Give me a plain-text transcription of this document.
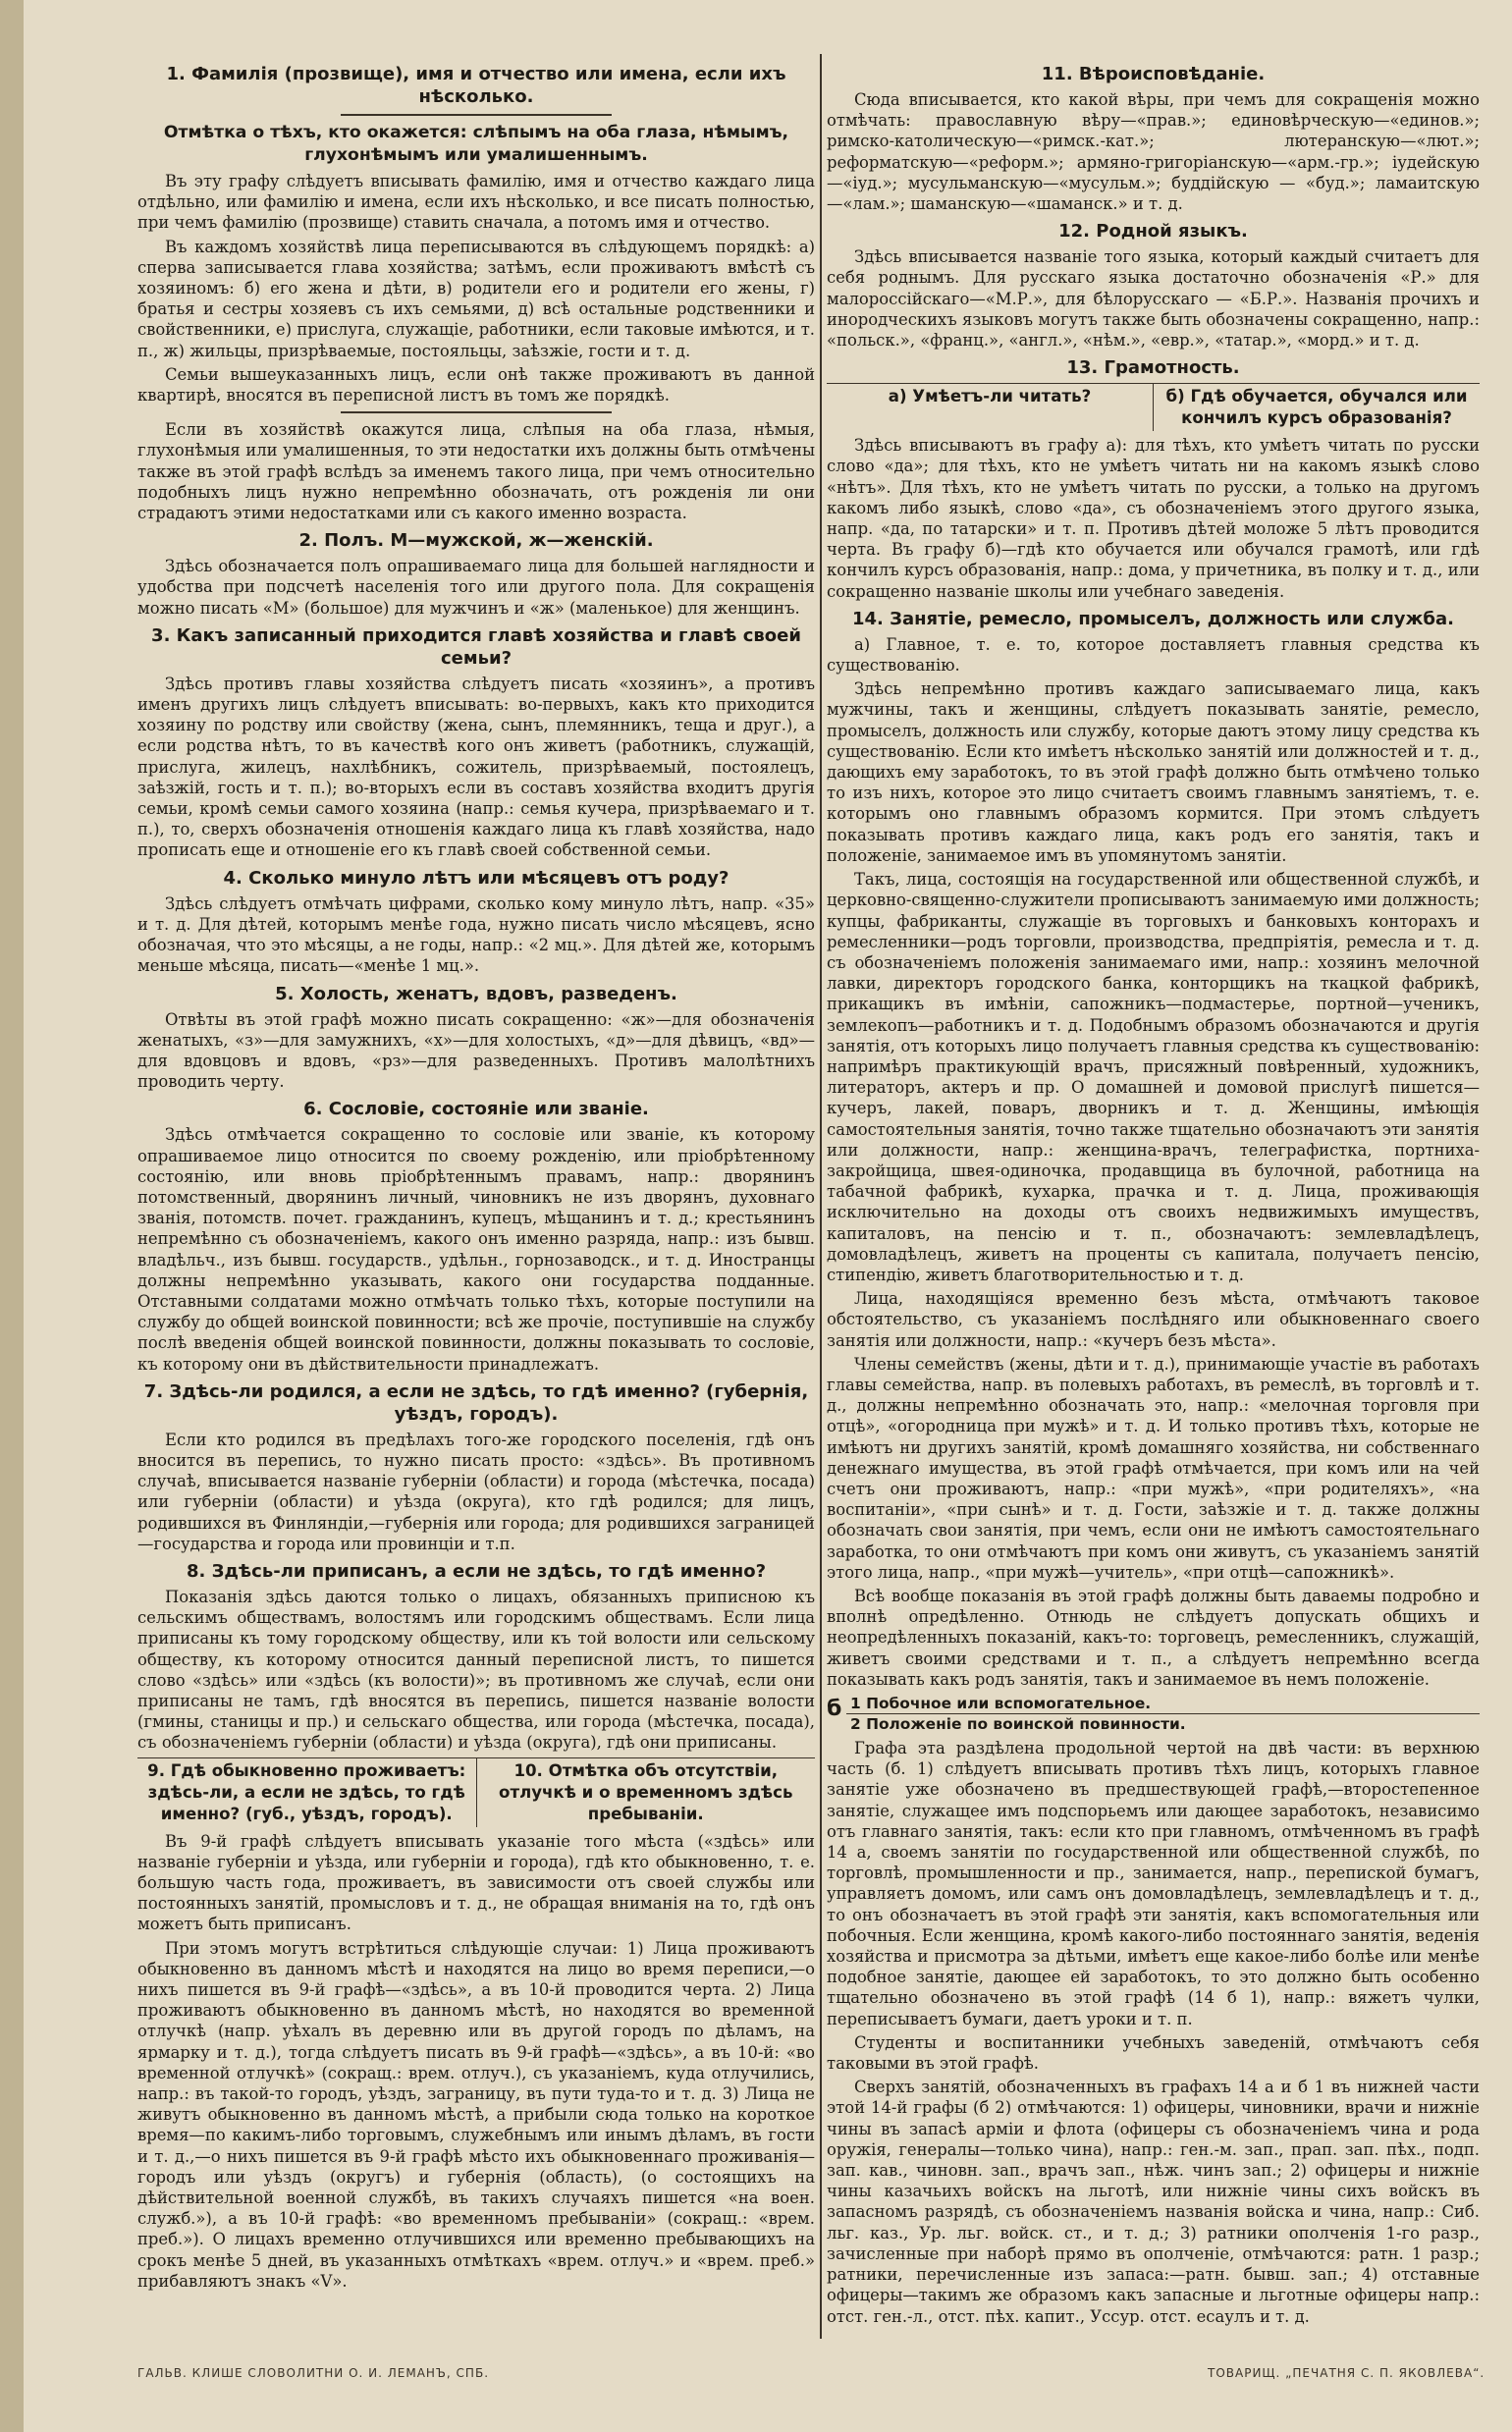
1. Фамилія (прозвище), имя и отчество или имена, если ихъ нѣсколько.
Отмѣтка о тѣхъ, кто окажется: слѣпымъ на оба глаза, нѣмымъ, глухонѣмымъ или умалишеннымъ.

Въ эту графу слѣдуетъ вписывать фамилію, имя и отчество каждаго лица отдѣльно, или фамилію и имена, если ихъ нѣсколько, и все писать полностью, при чемъ фамилію (прозвище) ставить сначала, а потомъ имя и отчество.

Въ каждомъ хозяйствѣ лица переписываются въ слѣдующемъ порядкѣ: а) сперва записывается глава хозяйства; затѣмъ, если проживаютъ вмѣстѣ съ хозяиномъ: б) его жена и дѣти, в) родители его и родители его жены, г) братья и сестры хозяевъ съ ихъ семьями, д) всѣ остальные родственники и свойственники, е) прислуга, служащіе, работники, если таковые имѣются, и т. п., ж) жильцы, призрѣваемые, постояльцы, заѣзжіе, гости и т. д.

Семьи вышеуказанныхъ лицъ, если онѣ также проживаютъ въ данной квартирѣ, вносятся въ переписной листъ въ томъ же порядкѣ.

Если въ хозяйствѣ окажутся лица, слѣпыя на оба глаза, нѣмыя, глухонѣмыя или умалишенныя, то эти недостатки ихъ должны быть отмѣчены также въ этой графѣ вслѣдъ за именемъ такого лица, при чемъ относительно подобныхъ лицъ нужно непремѣнно обозначать, отъ рожденія ли они страдаютъ этими недостатками или съ какого именно возраста.

2. Полъ. М—мужской, ж—женскій.

Здѣсь обозначается полъ опрашиваемаго лица для большей наглядности и удобства при подсчетѣ населенія того или другого пола. Для сокращенія можно писать «М» (большое) для мужчинъ и «ж» (маленькое) для женщинъ.

3. Какъ записанный приходится главѣ хозяйства и главѣ своей семьи?

Здѣсь противъ главы хозяйства слѣдуетъ писать «хозяинъ», а противъ именъ другихъ лицъ слѣдуетъ вписывать: во-первыхъ, какъ кто приходится хозяину по родству или свойству (жена, сынъ, племянникъ, теща и друг.), а если родства нѣтъ, то въ качествѣ кого онъ живетъ (работникъ, служащій, прислуга, жилецъ, нахлѣбникъ, сожитель, призрѣваемый, постоялецъ, заѣзжій, гость и т. п.); во-вторыхъ если въ составъ хозяйства входитъ другія семьи, кромѣ семьи самого хозяина (напр.: семья кучера, призрѣваемаго и т. п.), то, сверхъ обозначенія отношенія каждаго лица къ главѣ хозяйства, надо прописать еще и отношеніе его къ главѣ своей собственной семьи.

4. Сколько минуло лѣтъ или мѣсяцевъ отъ роду?

Здѣсь слѣдуетъ отмѣчать цифрами, сколько кому минуло лѣтъ, напр. «35» и т. д. Для дѣтей, которымъ менѣе года, нужно писать число мѣсяцевъ, ясно обозначая, что это мѣсяцы, а не годы, напр.: «2 мц.». Для дѣтей же, которымъ меньше мѣсяца, писать—«менѣе 1 мц.».

5. Холость, женатъ, вдовъ, разведенъ.

Отвѣты въ этой графѣ можно писать сокращенно: «ж»—для обозначенія женатыхъ, «з»—для замужнихъ, «х»—для холостыхъ, «д»—для дѣвицъ, «вд»—для вдовцовъ и вдовъ, «рз»—для разведенныхъ. Противъ малолѣтнихъ проводить черту.

6. Сословіе, состояніе или званіе.

Здѣсь отмѣчается сокращенно то сословіе или званіе, къ которому опрашиваемое лицо относится по своему рожденію, или пріобрѣтенному состоянію, или вновь пріобрѣтеннымъ правамъ, напр.: дворянинъ потомственный, дворянинъ личный, чиновникъ не изъ дворянъ, духовнаго званія, потомств. почет. гражданинъ, купецъ, мѣщанинъ и т. д.; крестьянинъ непремѣнно съ обозначеніемъ, какого онъ именно разряда, напр.: изъ бывш. владѣльч., изъ бывш. государств., удѣльн., горнозаводск., и т. д. Иностранцы должны непремѣнно указывать, какого они государства подданные. Отставными солдатами можно отмѣчать только тѣхъ, которые поступили на службу до общей воинской повинности; всѣ же прочіе, поступившіе на службу послѣ введенія общей воинской повинности, должны показывать то сословіе, къ которому они въ дѣйствительности принадлежатъ.

7. Здѣсь-ли родился, а если не здѣсь, то гдѣ именно? (губернія, уѣздъ, городъ).

Если кто родился въ предѣлахъ того-же городского поселенія, гдѣ онъ вносится въ перепись, то нужно писать просто: «здѣсь». Въ противномъ случаѣ, вписывается названіе губерніи (области) и города (мѣстечка, посада) или губерніи (области) и уѣзда (округа), кто гдѣ родился; для лицъ, родившихся въ Финляндіи,—губернія или города; для родившихся заграницей—государства и города или провинціи и т.п.

8. Здѣсь-ли приписанъ, а если не здѣсь, то гдѣ именно?

Показанія здѣсь даются только о лицахъ, обязанныхъ приписною къ сельскимъ обществамъ, волостямъ или городскимъ обществамъ. Если лица приписаны къ тому городскому обществу, или къ той волости или сельскому обществу, къ которому относится данный переписной листъ, то пишется слово «здѣсь» или «здѣсь (къ волости)»; въ противномъ же случаѣ, если они приписаны не тамъ, гдѣ вносятся въ перепись, пишется названіе волости (гмины, станицы и пр.) и сельскаго общества, или города (мѣстечка, посада), съ обозначеніемъ губерніи (области) и уѣзда (округа), гдѣ они приписаны.

9. Гдѣ обыкновенно проживаетъ: здѣсь-ли, а если не здѣсь, то гдѣ именно? (губ., уѣздъ, городъ).
10. Отмѣтка объ отсутствіи, отлучкѣ и о временномъ здѣсь пребываніи.

Въ 9-й графѣ слѣдуетъ вписывать указаніе того мѣста («здѣсь» или названіе губерніи и уѣзда, или губерніи и города), гдѣ кто обыкновенно, т. е. большую часть года, проживаетъ, въ зависимости отъ своей службы или постоянныхъ занятій, промысловъ и т. д., не обращая вниманія на то, гдѣ онъ можетъ быть приписанъ.

При этомъ могутъ встрѣтиться слѣдующіе случаи: 1) Лица проживаютъ обыкновенно въ данномъ мѣстѣ и находятся на лицо во время переписи,—о нихъ пишется въ 9-й графѣ—«здѣсь», а въ 10-й проводится черта. 2) Лица проживаютъ обыкновенно въ данномъ мѣстѣ, но находятся во временной отлучкѣ (напр. уѣхалъ въ деревню или въ другой городъ по дѣламъ, на ярмарку и т. д.), тогда слѣдуетъ писать въ 9-й графѣ—«здѣсь», а въ 10-й: «во временной отлучкѣ» (сокращ.: врем. отлуч.), съ указаніемъ, куда отлучились, напр.: въ такой-то городъ, уѣздъ, заграницу, въ пути туда-то и т. д. 3) Лица не живутъ обыкновенно въ данномъ мѣстѣ, а прибыли сюда только на короткое время—по какимъ-либо торговымъ, служебнымъ или инымъ дѣламъ, въ гости и т. д.,—о нихъ пишется въ 9-й графѣ мѣсто ихъ обыкновеннаго проживанія—городъ или уѣздъ (округъ) и губернія (область), (о состоящихъ на дѣйствительной военной службѣ, въ такихъ случаяхъ пишется «на воен. служб.»), а въ 10-й графѣ: «во временномъ пребываніи» (сокращ.: «врем. преб.»). О лицахъ временно отлучившихся или временно пребывающихъ на срокъ менѣе 5 дней, въ указанныхъ отмѣткахъ «врем. отлуч.» и «врем. преб.» прибавляютъ знакъ «V».

11. Вѣроисповѣданіе.

Сюда вписывается, кто какой вѣры, при чемъ для сокращенія можно отмѣчать: православную вѣру—«прав.»; единовѣрческую—«единов.»; римско-католическую—«римск.-кат.»; лютеранскую—«лют.»; реформатскую—«реформ.»; армяно-григоріанскую—«арм.-гр.»; іудейскую—«іуд.»; мусульманскую—«мусульм.»; буддійскую — «буд.»; ламаитскую—«лам.»; шаманскую—«шаманск.» и т. д.

12. Родной языкъ.

Здѣсь вписывается названіе того языка, который каждый считаетъ для себя роднымъ. Для русскаго языка достаточно обозначенія «Р.» для малороссійскаго—«М.Р.», для бѣлорусскаго — «Б.Р.». Названія прочихъ и инородческихъ языковъ могутъ также быть обозначены сокращенно, напр.: «польск.», «франц.», «англ.», «нѣм.», «евр.», «татар.», «морд.» и т. д.

13. Грамотность.
а) Умѣетъ-ли читать?	б) Гдѣ обучается, обучался или кончилъ курсъ образованія?

Здѣсь вписываютъ въ графу а): для тѣхъ, кто умѣетъ читать по русски слово «да»; для тѣхъ, кто не умѣетъ читать ни на какомъ языкѣ слово «нѣтъ». Для тѣхъ, кто не умѣетъ читать по русски, а только на другомъ какомъ либо языкѣ, слово «да», съ обозначеніемъ этого другого языка, напр. «да, по татарски» и т. п. Противъ дѣтей моложе 5 лѣтъ проводится черта. Въ графу б)—гдѣ кто обучается или обучался грамотѣ, или гдѣ кончилъ курсъ образованія, напр.: дома, у причетника, въ полку и т. д., или сокращенно названіе школы или учебнаго заведенія.

14. Занятіе, ремесло, промыселъ, должность или служба.

а) Главное, т. е. то, которое доставляетъ главныя средства къ существованію.

Здѣсь непремѣнно противъ каждаго записываемаго лица, какъ мужчины, такъ и женщины, слѣдуетъ показывать занятіе, ремесло, промыселъ, должность или службу, которые даютъ этому лицу средства къ существованію. Если кто имѣетъ нѣсколько занятій или должностей и т. д., дающихъ ему заработокъ, то въ этой графѣ должно быть отмѣчено только то изъ нихъ, которое это лицо считаетъ своимъ главнымъ занятіемъ, т. е. которымъ оно главнымъ образомъ кормится. При этомъ слѣдуетъ показывать противъ каждаго лица, какъ родъ его занятія, такъ и положеніе, занимаемое имъ въ упомянутомъ занятіи.

Такъ, лица, состоящія на государственной или общественной службѣ, и церковно-священно-служители прописываютъ занимаемую ими должность; купцы, фабриканты, служащіе въ торговыхъ и банковыхъ конторахъ и ремесленники—родъ торговли, производства, предпріятія, ремесла и т. д. съ обозначеніемъ положенія занимаемаго ими, напр.: хозяинъ мелочной лавки, директоръ городского банка, конторщикъ на ткацкой фабрикѣ, прикащикъ въ имѣніи, сапожникъ—подмастерье, портной—ученикъ, землекопъ—работникъ и т. д. Подобнымъ образомъ обозначаются и другія занятія, отъ которыхъ лицо получаетъ главныя средства къ существованію: напримѣръ практикующій врачъ, присяжный повѣренный, художникъ, литераторъ, актеръ и пр. О домашней и домовой прислугѣ пишется—кучеръ, лакей, поваръ, дворникъ и т. д. Женщины, имѣющія самостоятельныя занятія, точно также тщательно обозначаютъ эти занятія или должности, напр.: женщина-врачъ, телеграфистка, портниха-закройщица, швея-одиночка, продавщица въ булочной, работница на табачной фабрикѣ, кухарка, прачка и т. д. Лица, проживающія исключительно на доходы отъ своихъ недвижимыхъ имуществъ, капиталовъ, на пенсію и т. п., обозначаютъ: землевладѣлецъ, домовладѣлецъ, живетъ на проценты съ капитала, получаетъ пенсію, стипендію, живетъ благотворительностью и т. д.

Лица, находящіяся временно безъ мѣста, отмѣчаютъ таковое обстоятельство, съ указаніемъ послѣдняго или обыкновеннаго своего занятія или должности, напр.: «кучеръ безъ мѣста».

Члены семействъ (жены, дѣти и т. д.), принимающіе участіе въ работахъ главы семейства, напр. въ полевыхъ работахъ, въ ремеслѣ, въ торговлѣ и т. д., должны непремѣнно обозначать это, напр.: «мелочная торговля при отцѣ», «огородница при мужѣ» и т. д. И только противъ тѣхъ, которые не имѣютъ ни другихъ занятій, кромѣ домашняго хозяйства, ни собственнаго денежнаго имущества, въ этой графѣ отмѣчается, при комъ или на чей счетъ они проживаютъ, напр.: «при мужѣ», «при родителяхъ», «на воспитаніи», «при сынѣ» и т. д. Гости, заѣзжіе и т. д. также должны обозначать свои занятія, при чемъ, если они не имѣютъ самостоятельнаго заработка, то они отмѣчаютъ при комъ они живутъ, съ указаніемъ занятій этого лица, напр., «при мужѣ—учитель», «при отцѣ—сапожникѣ».

Всѣ вообще показанія въ этой графѣ должны быть даваемы подробно и вполнѣ опредѣленно. Отнюдь не слѣдуетъ допускать общихъ и неопредѣленныхъ показаній, какъ-то: торговецъ, ремесленникъ, служащій, живетъ своими средствами и т. п., а слѣдуетъ непремѣнно всегда показывать какъ родъ занятія, такъ и занимаемое въ немъ положеніе.

б 1 Побочное или вспомогательное.
2 Положеніе по воинской повинности.

Графа эта раздѣлена продольной чертой на двѣ части: въ верхнюю часть (б. 1) слѣдуетъ вписывать противъ тѣхъ лицъ, которыхъ главное занятіе уже обозначено въ предшествующей графѣ,—второстепенное занятіе, служащее имъ подспорьемъ или дающее заработокъ, независимо отъ главнаго занятія, такъ: если кто при главномъ, отмѣченномъ въ графѣ 14 а, своемъ занятіи по государственной или общественной службѣ, по торговлѣ, промышленности и пр., занимается, напр., перепиской бумагъ, управляетъ домомъ, или самъ онъ домовладѣлецъ, землевладѣлецъ и т. д., то онъ обозначаетъ въ этой графѣ эти занятія, какъ вспомогательныя или побочныя. Если женщина, кромѣ какого-либо постояннаго занятія, веденія хозяйства и присмотра за дѣтьми, имѣетъ еще какое-либо болѣе или менѣе подобное занятіе, дающее ей заработокъ, то это должно быть особенно тщательно обозначено въ этой графѣ (14 б 1), напр.: вяжетъ чулки, переписываетъ бумаги, даетъ уроки и т. п.

Студенты и воспитанники учебныхъ заведеній, отмѣчаютъ себя таковыми въ этой графѣ.

Сверхъ занятій, обозначенныхъ въ графахъ 14 а и б 1 въ нижней части этой 14-й графы (б 2) отмѣчаются: 1) офицеры, чиновники, врачи и нижніе чины въ запасѣ арміи и флота (офицеры съ обозначеніемъ чина и рода оружія, генералы—только чина), напр.: ген.-м. зап., прап. зап. пѣх., подп. зап. кав., чиновн. зап., врачъ зап., нѣж. чинъ зап.; 2) офицеры и нижніе чины казачьихъ войскъ на льготѣ, или нижніе чины сихъ войскъ въ запасномъ разрядѣ, съ обозначеніемъ названія войска и чина, напр.: Сиб. льг. каз., Ур. льг. войск. ст., и т. д.; 3) ратники ополченія 1-го разр., зачисленные при наборѣ прямо въ ополченіе, отмѣчаются: ратн. 1 разр.; ратники, перечисленные изъ запаса:—ратн. бывш. зап.; 4) отставные офицеры—такимъ же образомъ какъ запасные и льготные офицеры напр.: отст. ген.-л., отст. пѣх. капит., Уссур. отст. есаулъ и т. д.

ГАЛЬВ. КЛИШЕ СЛОВОЛИТНИ О. И. ЛЕМАНЪ, СПБ.	ТОВАРИЩ. „ПЕЧАТНЯ С. П. ЯКОВЛЕВА“.
